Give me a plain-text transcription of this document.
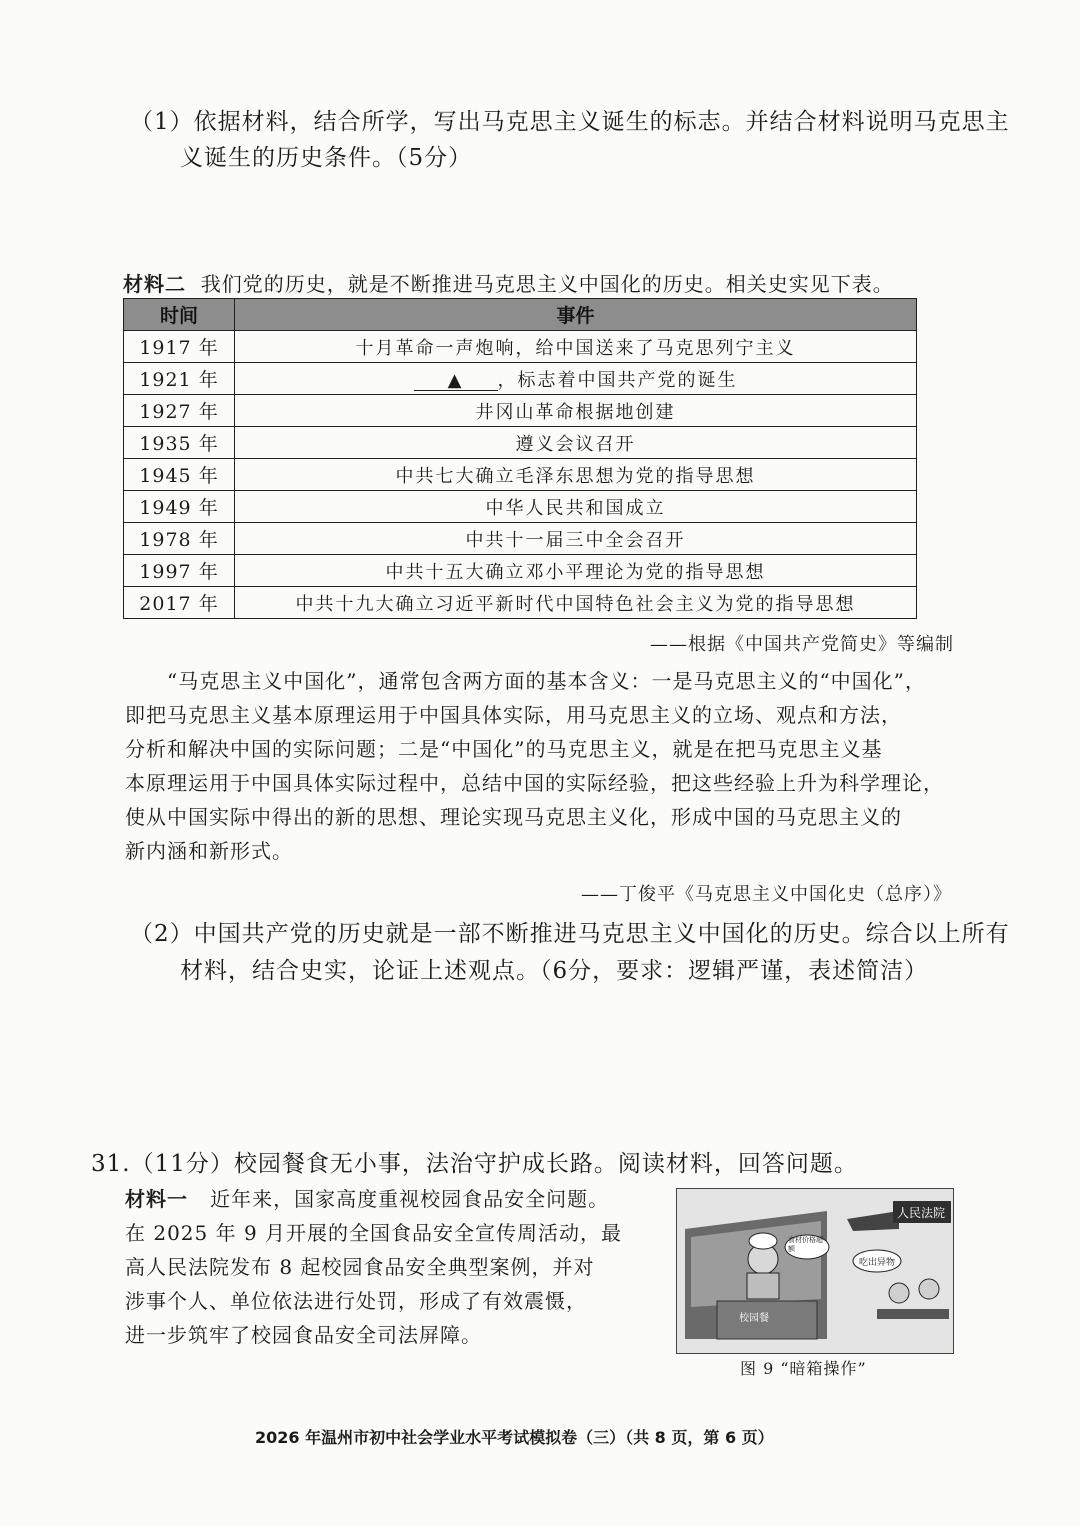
（1）依据材料，结合所学，写出马克思主义诞生的标志。并结合材料说明马克思主
义诞生的历史条件。（5分）
材料二 我们党的历史，就是不断推进马克思主义中国化的历史。相关史实见下表。
时间	事件
1917 年	十月革命一声炮响，给中国送来了马克思列宁主义
1921 年	▲ ，标志着中国共产党的诞生
1927 年	井冈山革命根据地创建
1935 年	遵义会议召开
1945 年	中共七大确立毛泽东思想为党的指导思想
1949 年	中华人民共和国成立
1978 年	中共十一届三中全会召开
1997 年	中共十五大确立邓小平理论为党的指导思想
2017 年	中共十九大确立习近平新时代中国特色社会主义为党的指导思想
——根据《中国共产党简史》等编制

“马克思主义中国化”，通常包含两方面的基本含义：一是马克思主义的“中国化”，

即把马克思主义基本原理运用于中国具体实际，用马克思主义的立场、观点和方法，

分析和解决中国的实际问题；二是“中国化”的马克思主义，就是在把马克思主义基

本原理运用于中国具体实际过程中，总结中国的实际经验，把这些经验上升为科学理论，

使从中国实际中得出的新的思想、理论实现马克思主义化，形成中国的马克思主义的

新内涵和新形式。

——丁俊平《马克思主义中国化史（总序）》
（2）中国共产党的历史就是一部不断推进马克思主义中国化的历史。综合以上所有
材料，结合史实，论证上述观点。（6分，要求：逻辑严谨，表述简洁）
31.（11分）校园餐食无小事，法治守护成长路。阅读材料，回答问题。

材料一 近年来，国家高度重视校园食品安全问题。

在 2025 年 9 月开展的全国食品安全宣传周活动，最

高人民法院发布 8 起校园食品安全典型案例，并对

涉事个人、单位依法进行处罚，形成了有效震慑，

进一步筑牢了校园食品安全司法屏障。

人民法院
校园餐
食材价格超额
吃出异物
图 9 “暗箱操作”
2026 年温州市初中社会学业水平考试模拟卷（三）（共 8 页，第 6 页）
